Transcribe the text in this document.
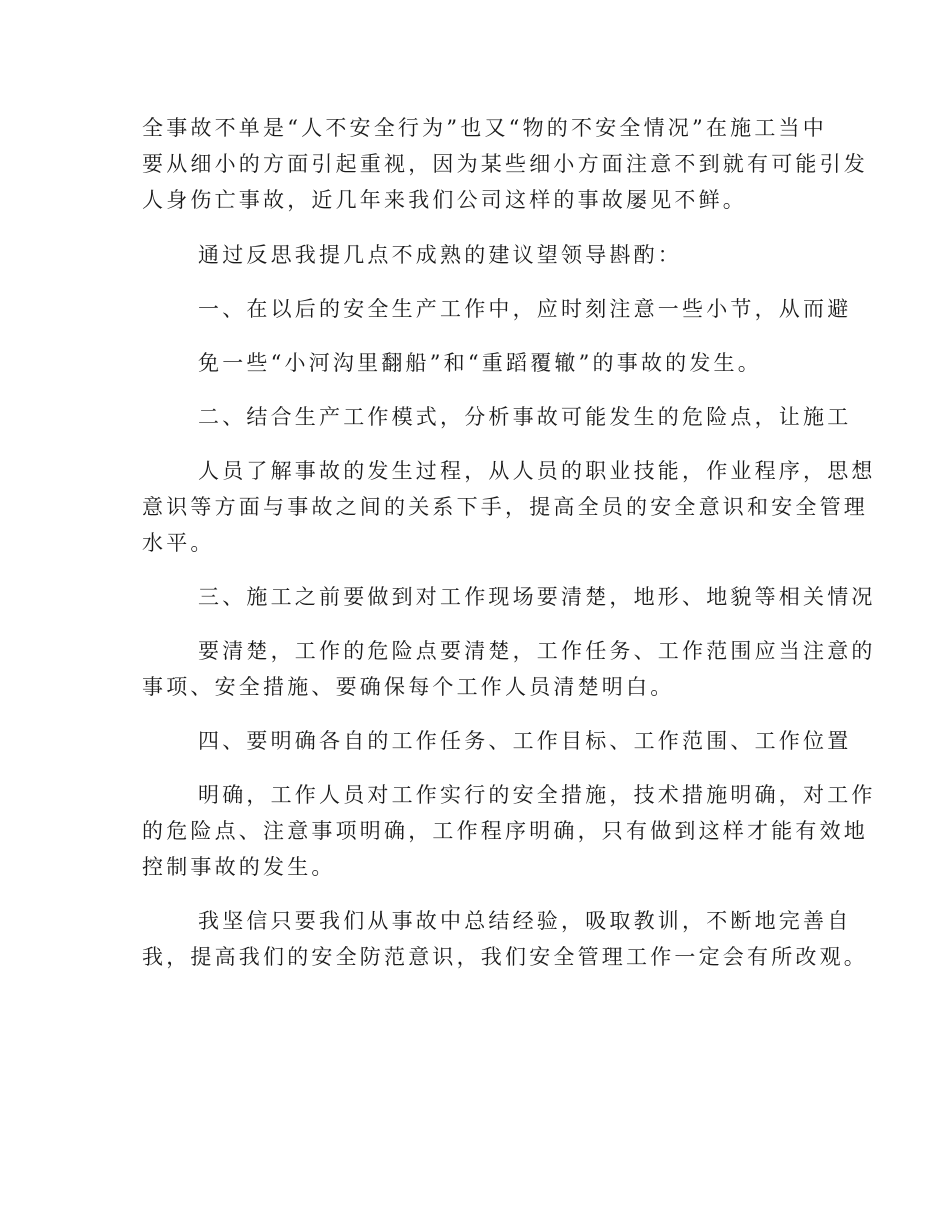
全事故不单是“人不安全行为”也又“物的不安全情况”在施工当中
要从细小的方面引起重视，因为某些细小方面注意不到就有可能引发
人身伤亡事故，近几年来我们公司这样的事故屡见不鲜。
通过反思我提几点不成熟的建议望领导斟酌：
一、在以后的安全生产工作中，应时刻注意一些小节，从而避
免一些“小河沟里翻船”和“重蹈覆辙”的事故的发生。
二、结合生产工作模式，分析事故可能发生的危险点，让施工
人员了解事故的发生过程，从人员的职业技能，作业程序，思想
意识等方面与事故之间的关系下手，提高全员的安全意识和安全管理
水平。
三、施工之前要做到对工作现场要清楚，地形、地貌等相关情况
要清楚，工作的危险点要清楚，工作任务、工作范围应当注意的
事项、安全措施、要确保每个工作人员清楚明白。
四、要明确各自的工作任务、工作目标、工作范围、工作位置
明确，工作人员对工作实行的安全措施，技术措施明确，对工作
的危险点、注意事项明确，工作程序明确，只有做到这样才能有效地
控制事故的发生。
我坚信只要我们从事故中总结经验，吸取教训，不断地完善自
我，提高我们的安全防范意识，我们安全管理工作一定会有所改观。
